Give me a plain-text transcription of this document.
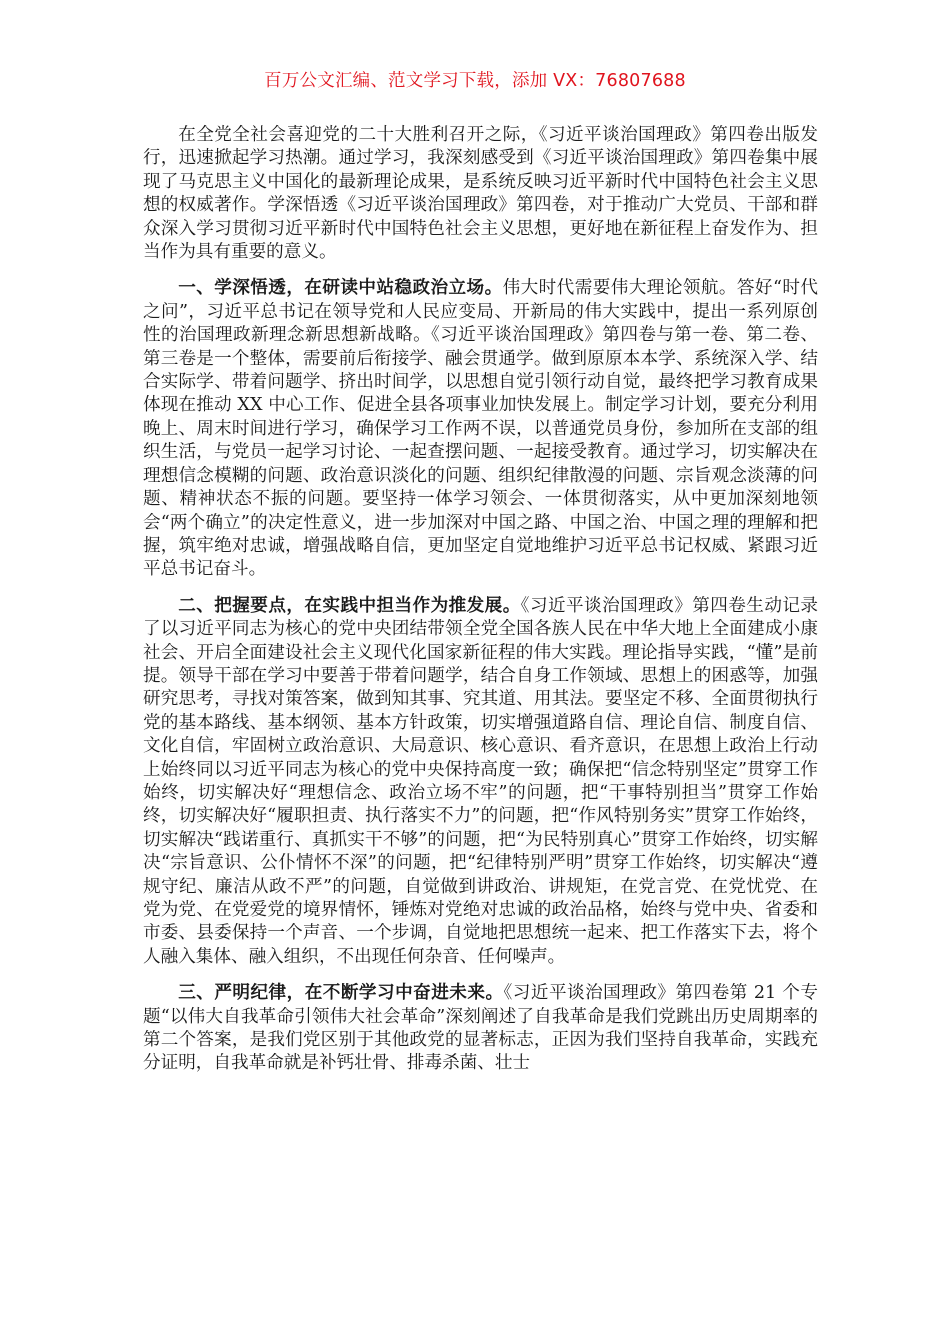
百万公文汇编、范文学习下载，添加 VX：76807688

在全党全社会喜迎党的二十大胜利召开之际，《习近平谈治国理政》第四卷出版发行，迅速掀起学习热潮。通过学习，我深刻感受到《习近平谈治国理政》第四卷集中展现了马克思主义中国化的最新理论成果，是系统反映习近平新时代中国特色社会主义思想的权威著作。学深悟透《习近平谈治国理政》第四卷，对于推动广大党员、干部和群众深入学习贯彻习近平新时代中国特色社会主义思想，更好地在新征程上奋发作为、担当作为具有重要的意义。

一、学深悟透，在研读中站稳政治立场。伟大时代需要伟大理论领航。答好“时代之问”，习近平总书记在领导党和人民应变局、开新局的伟大实践中，提出一系列原创性的治国理政新理念新思想新战略。《习近平谈治国理政》第四卷与第一卷、第二卷、第三卷是一个整体，需要前后衔接学、融会贯通学。做到原原本本学、系统深入学、结合实际学、带着问题学、挤出时间学，以思想自觉引领行动自觉，最终把学习教育成果体现在推动 XX 中心工作、促进全县各项事业加快发展上。制定学习计划，要充分利用晚上、周末时间进行学习，确保学习工作两不误，以普通党员身份，参加所在支部的组织生活，与党员一起学习讨论、一起查摆问题、一起接受教育。通过学习，切实解决在理想信念模糊的问题、政治意识淡化的问题、组织纪律散漫的问题、宗旨观念淡薄的问题、精神状态不振的问题。要坚持一体学习领会、一体贯彻落实，从中更加深刻地领会“两个确立”的决定性意义，进一步加深对中国之路、中国之治、中国之理的理解和把握，筑牢绝对忠诚，增强战略自信，更加坚定自觉地维护习近平总书记权威、紧跟习近平总书记奋斗。

二、把握要点，在实践中担当作为推发展。《习近平谈治国理政》第四卷生动记录了以习近平同志为核心的党中央团结带领全党全国各族人民在中华大地上全面建成小康社会、开启全面建设社会主义现代化国家新征程的伟大实践。理论指导实践，“懂”是前提。领导干部在学习中要善于带着问题学，结合自身工作领域、思想上的困惑等，加强研究思考，寻找对策答案，做到知其事、究其道、用其法。要坚定不移、全面贯彻执行党的基本路线、基本纲领、基本方针政策，切实增强道路自信、理论自信、制度自信、文化自信，牢固树立政治意识、大局意识、核心意识、看齐意识，在思想上政治上行动上始终同以习近平同志为核心的党中央保持高度一致；确保把“信念特别坚定”贯穿工作始终，切实解决好“理想信念、政治立场不牢”的问题，把“干事特别担当”贯穿工作始终，切实解决好“履职担责、执行落实不力”的问题，把“作风特别务实”贯穿工作始终，切实解决“践诺重行、真抓实干不够”的问题，把“为民特别真心”贯穿工作始终，切实解决“宗旨意识、公仆情怀不深”的问题，把“纪律特别严明”贯穿工作始终，切实解决“遵规守纪、廉洁从政不严”的问题，自觉做到讲政治、讲规矩，在党言党、在党忧党、在党为党、在党爱党的境界情怀，锤炼对党绝对忠诚的政治品格，始终与党中央、省委和市委、县委保持一个声音、一个步调，自觉地把思想统一起来、把工作落实下去，将个人融入集体、融入组织，不出现任何杂音、任何噪声。

三、严明纪律，在不断学习中奋进未来。《习近平谈治国理政》第四卷第 21 个专题“以伟大自我革命引领伟大社会革命”深刻阐述了自我革命是我们党跳出历史周期率的第二个答案，是我们党区别于其他政党的显著标志，正因为我们坚持自我革命，实践充分证明，自我革命就是补钙壮骨、排毒杀菌、壮士
